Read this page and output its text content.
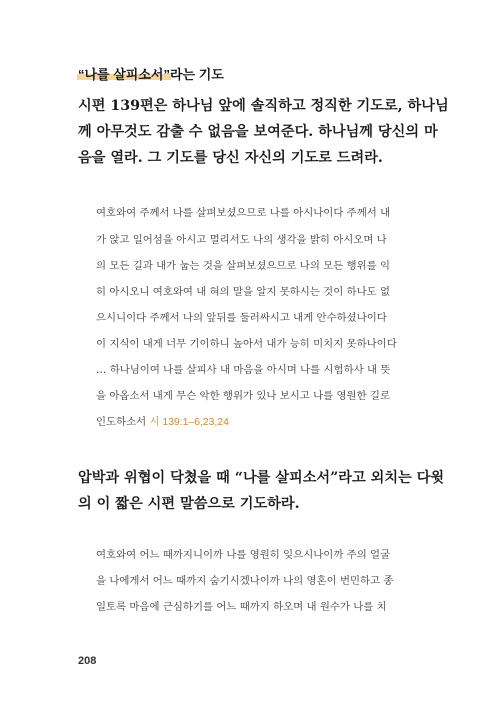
“나를 살피소서”라는 기도
시편 139편은 하나님 앞에 솔직하고 정직한 기도로, 하나님
께 아무것도 감출 수 없음을 보여준다. 하나님께 당신의 마
음을 열라. 그 기도를 당신 자신의 기도로 드려라.
여호와여 주께서 나를 살펴보셨으므로 나를 아시나이다 주께서 내
가 앉고 일어섬을 아시고 멀리서도 나의 생각을 밝히 아시오며 나
의 모든 길과 내가 눕는 것을 살펴보셨으므로 나의 모든 행위를 익
히 아시오니 여호와여 내 혀의 말을 알지 못하시는 것이 하나도 없
으시니이다 주께서 나의 앞뒤를 둘러싸시고 내게 안수하셨나이다
이 지식이 내게 너무 기이하니 높아서 내가 능히 미치지 못하나이다
… 하나님이여 나를 살피사 내 마음을 아시며 나를 시험하사 내 뜻
을 아옵소서 내게 무슨 악한 행위가 있나 보시고 나를 영원한 길로
인도하소서 시 139:1–6,23,24
압박과 위협이 닥쳤을 때 “나를 살피소서”라고 외치는 다윗
의 이 짧은 시편 말씀으로 기도하라.
여호와여 어느 때까지니이까 나를 영원히 잊으시나이까 주의 얼굴
을 나에게서 어느 때까지 숨기시겠나이까 나의 영혼이 번민하고 종
일토록 마음에 근심하기를 어느 때까지 하오며 내 원수가 나를 치
208
